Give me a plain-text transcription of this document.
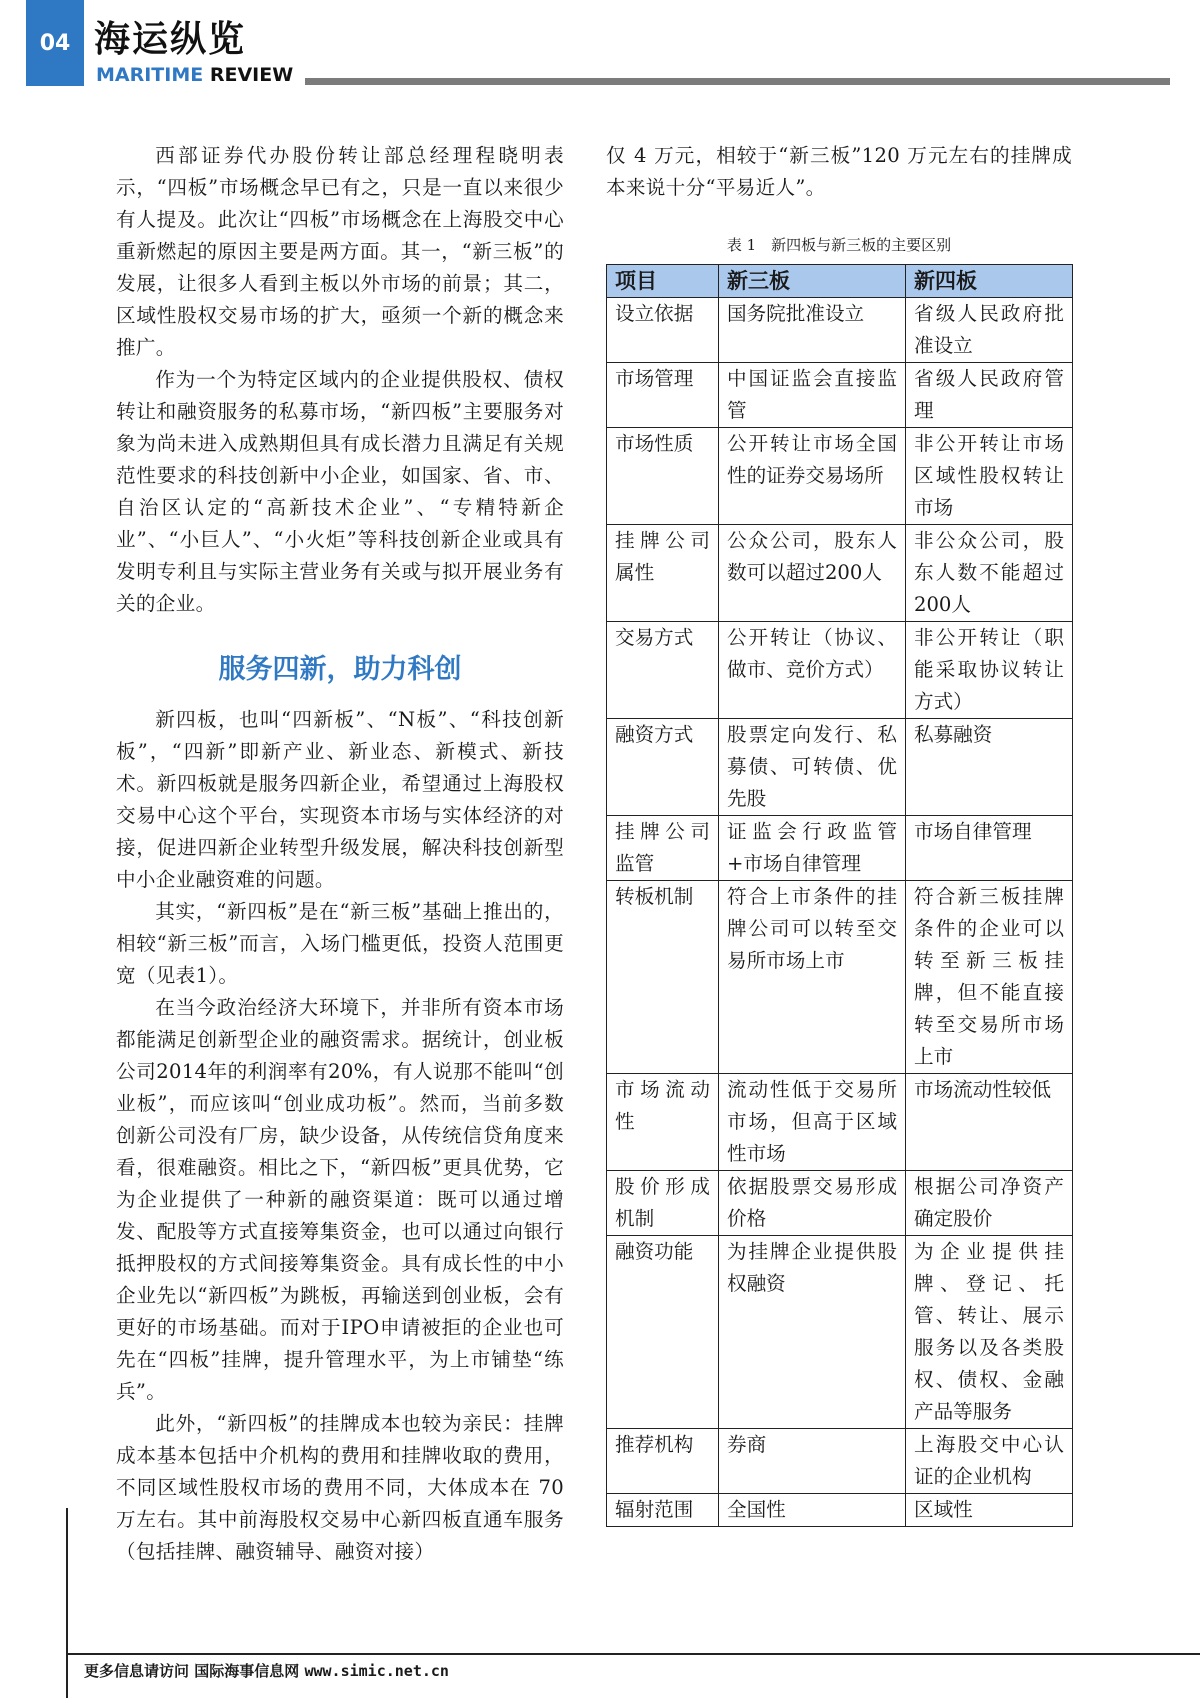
04 海运纵览
MARITIME REVIEW

西部证券代办股份转让部总经理程晓明表示，“四板”市场概念早已有之，只是一直以来很少有人提及。此次让“四板”市场概念在上海股交中心重新燃起的原因主要是两方面。其一，“新三板”的发展，让很多人看到主板以外市场的前景；其二，区域性股权交易市场的扩大，亟须一个新的概念来推广。

作为一个为特定区域内的企业提供股权、债权转让和融资服务的私募市场，“新四板”主要服务对象为尚未进入成熟期但具有成长潜力且满足有关规范性要求的科技创新中小企业，如国家、省、市、自治区认定的“高新技术企业”、“专精特新企业”、“小巨人”、“小火炬”等科技创新企业或具有发明专利且与实际主营业务有关或与拟开展业务有关的企业。

服务四新，助力科创

新四板，也叫“四新板”、“N板”、“科技创新板”，“四新”即新产业、新业态、新模式、新技术。新四板就是服务四新企业，希望通过上海股权交易中心这个平台，实现资本市场与实体经济的对接，促进四新企业转型升级发展，解决科技创新型中小企业融资难的问题。

其实，“新四板”是在“新三板”基础上推出的，相较“新三板”而言，入场门槛更低，投资人范围更宽（见表1）。

在当今政治经济大环境下，并非所有资本市场都能满足创新型企业的融资需求。据统计，创业板公司2014年的利润率有20%，有人说那不能叫“创业板”，而应该叫“创业成功板”。然而，当前多数创新公司没有厂房，缺少设备，从传统信贷角度来看，很难融资。相比之下，“新四板”更具优势，它为企业提供了一种新的融资渠道：既可以通过增发、配股等方式直接筹集资金，也可以通过向银行抵押股权的方式间接筹集资金。具有成长性的中小企业先以“新四板”为跳板，再输送到创业板，会有更好的市场基础。而对于IPO申请被拒的企业也可先在“四板”挂牌，提升管理水平，为上市铺垫“练兵”。

此外，“新四板”的挂牌成本也较为亲民：挂牌成本基本包括中介机构的费用和挂牌收取的费用，不同区域性股权市场的费用不同，大体成本在 70 万左右。其中前海股权交易中心新四板直通车服务（包括挂牌、融资辅导、融资对接）

仅 4 万元，相较于“新三板”120 万元左右的挂牌成本来说十分“平易近人”。

表 1　新四板与新三板的主要区别
项目	新三板	新四板
设立依据	国务院批准设立	省级人民政府批准设立
市场管理	中国证监会直接监管	省级人民政府管理
市场性质	公开转让市场全国性的证券交易场所	非公开转让市场区域性股权转让市场
挂牌公司属性	公众公司，股东人数可以超过200人	非公众公司，股东人数不能超过200人
交易方式	公开转让（协议、做市、竞价方式）	非公开转让（职能采取协议转让方式）
融资方式	股票定向发行、私募债、可转债、优先股	私募融资
挂牌公司监管	证监会行政监管+市场自律管理	市场自律管理
转板机制	符合上市条件的挂牌公司可以转至交易所市场上市	符合新三板挂牌条件的企业可以转至新三板挂牌，但不能直接转至交易所市场上市
市场流动性	流动性低于交易所市场，但高于区域性市场	市场流动性较低
股价形成机制	依据股票交易形成价格	根据公司净资产确定股价
融资功能	为挂牌企业提供股权融资	为企业提供挂牌、登记、托管、转让、展示服务以及各类股权、债权、金融产品等服务
推荐机构	券商	上海股交中心认证的企业机构
辐射范围	全国性	区域性
更多信息请访问 国际海事信息网 www.simic.net.cn
